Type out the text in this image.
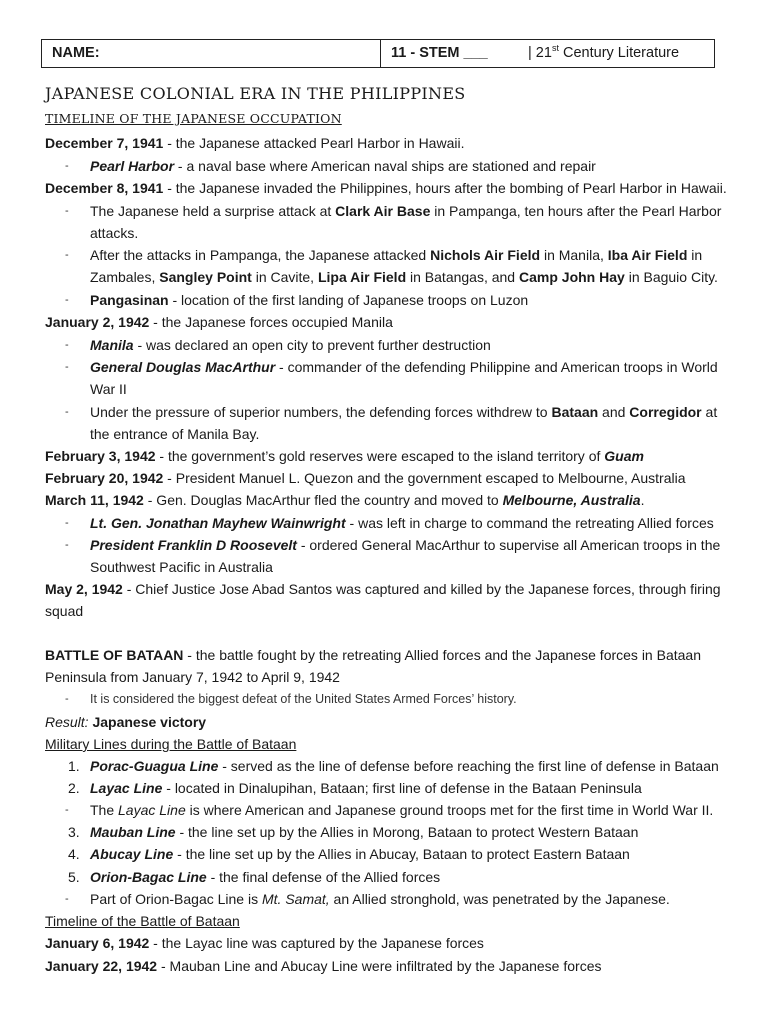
NAME:	11 - STEM ___	| 21st Century Literature
JAPANESE COLONIAL ERA IN THE PHILIPPINES
TIMELINE OF THE JAPANESE OCCUPATION
December 7, 1941 - the Japanese attacked Pearl Harbor in Hawaii.
- Pearl Harbor - a naval base where American naval ships are stationed and repair
December 8, 1941 - the Japanese invaded the Philippines, hours after the bombing of Pearl Harbor in Hawaii.
- The Japanese held a surprise attack at Clark Air Base in Pampanga, ten hours after the Pearl Harbor
attacks.
- After the attacks in Pampanga, the Japanese attacked Nichols Air Field in Manila, Iba Air Field in
Zambales, Sangley Point in Cavite, Lipa Air Field in Batangas, and Camp John Hay in Baguio City.
- Pangasinan - location of the first landing of Japanese troops on Luzon
January 2, 1942 - the Japanese forces occupied Manila
- Manila - was declared an open city to prevent further destruction
- General Douglas MacArthur - commander of the defending Philippine and American troops in World
War II
- Under the pressure of superior numbers, the defending forces withdrew to Bataan and Corregidor at
the entrance of Manila Bay.
February 3, 1942 - the government’s gold reserves were escaped to the island territory of Guam
February 20, 1942 - President Manuel L. Quezon and the government escaped to Melbourne, Australia
March 11, 1942 - Gen. Douglas MacArthur fled the country and moved to Melbourne, Australia.
- Lt. Gen. Jonathan Mayhew Wainwright - was left in charge to command the retreating Allied forces
- President Franklin D Roosevelt - ordered General MacArthur to supervise all American troops in the
Southwest Pacific in Australia
May 2, 1942 - Chief Justice Jose Abad Santos was captured and killed by the Japanese forces, through firing
squad
BATTLE OF BATAAN - the battle fought by the retreating Allied forces and the Japanese forces in Bataan
Peninsula from January 7, 1942 to April 9, 1942
- It is considered the biggest defeat of the United States Armed Forces’ history.
Result: Japanese victory
Military Lines during the Battle of Bataan
1. Porac-Guagua Line - served as the line of defense before reaching the first line of defense in Bataan
2. Layac Line - located in Dinalupihan, Bataan; first line of defense in the Bataan Peninsula
- The Layac Line is where American and Japanese ground troops met for the first time in World War II.
3. Mauban Line - the line set up by the Allies in Morong, Bataan to protect Western Bataan
4. Abucay Line - the line set up by the Allies in Abucay, Bataan to protect Eastern Bataan
5. Orion-Bagac Line - the final defense of the Allied forces
- Part of Orion-Bagac Line is Mt. Samat, an Allied stronghold, was penetrated by the Japanese.
Timeline of the Battle of Bataan
January 6, 1942 - the Layac line was captured by the Japanese forces
January 22, 1942 - Mauban Line and Abucay Line were infiltrated by the Japanese forces
